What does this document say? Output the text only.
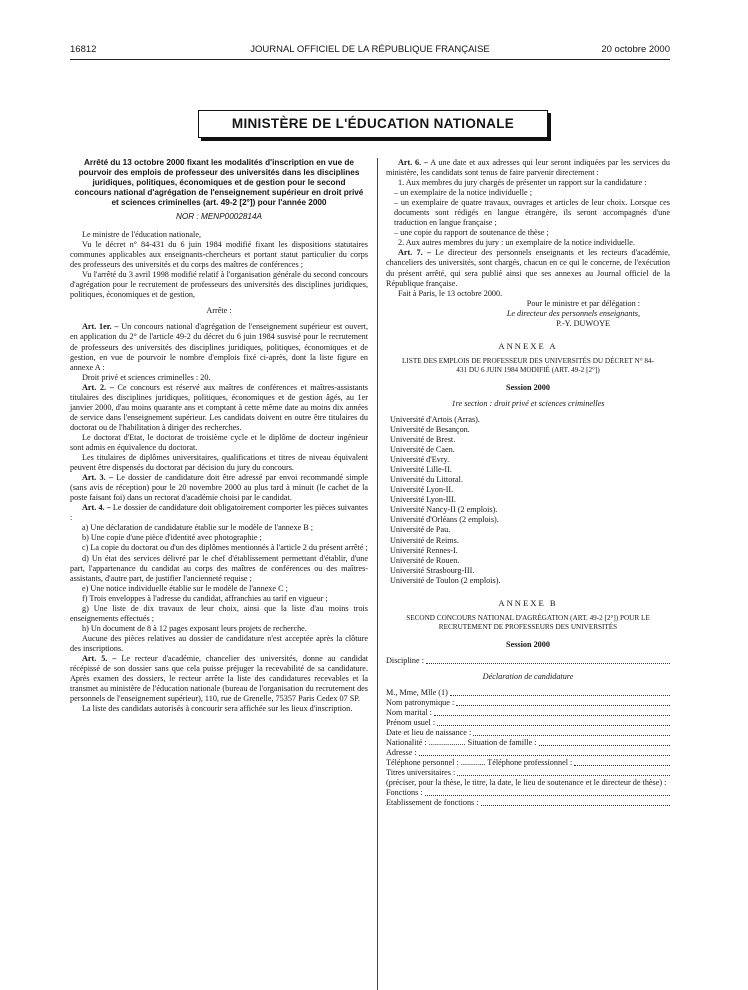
16812	JOURNAL OFFICIEL DE LA RÉPUBLIQUE FRANÇAISE	20 octobre 2000
MINISTÈRE DE L'ÉDUCATION NATIONALE

Arrêté du 13 octobre 2000 fixant les modalités d'inscription en vue de pourvoir des emplois de professeur des universités dans les disciplines juridiques, politiques, économiques et de gestion pour le second concours national d'agrégation de l'enseignement supérieur en droit privé et sciences criminelles (art. 49-2 [2°]) pour l'année 2000

NOR : MENP0002814A

Le ministre de l'éducation nationale,

Vu le décret n° 84-431 du 6 juin 1984 modifié fixant les dispositions statutaires communes applicables aux enseignants-chercheurs et portant statut particulier du corps des professeurs des universités et du corps des maîtres de conférences ;

Vu l'arrêté du 3 avril 1998 modifié relatif à l'organisation générale du second concours d'agrégation pour le recrutement de professeurs des universités des disciplines juridiques, politiques, économiques et de gestion,

Arrête :

Art. 1er. – Un concours national d'agrégation de l'enseignement supérieur est ouvert, en application du 2° de l'article 49-2 du décret du 6 juin 1984 susvisé pour le recrutement de professeurs des universités des disciplines juridiques, politiques, économiques et de gestion, en vue de pourvoir le nombre d'emplois fixé ci-après, dont la liste figure en annexe A :

Droit privé et sciences criminelles : 20.

Art. 2. – Ce concours est réservé aux maîtres de conférences et maîtres-assistants titulaires des disciplines juridiques, politiques, économiques et de gestion âgés, au 1er janvier 2000, d'au moins quarante ans et comptant à cette même date au moins dix années de service dans l'enseignement supérieur. Les candidats doivent en outre être titulaires du doctorat ou de l'habilitation à diriger des recherches.

Le doctorat d'Etat, le doctorat de troisième cycle et le diplôme de docteur ingénieur sont admis en équivalence du doctorat.

Les titulaires de diplômes universitaires, qualifications et titres de niveau équivalent peuvent être dispensés du doctorat par décision du jury du concours.

Art. 3. – Le dossier de candidature doit être adressé par envoi recommandé simple (sans avis de réception) pour le 20 novembre 2000 au plus tard à minuit (le cachet de la poste faisant foi) dans un rectorat d'académie choisi par le candidat.

Art. 4. – Le dossier de candidature doit obligatoirement comporter les pièces suivantes :

a) Une déclaration de candidature établie sur le modèle de l'annexe B ;

b) Une copie d'une pièce d'identité avec photographie ;

c) La copie du doctorat ou d'un des diplômes mentionnés à l'article 2 du présent arrêté ;

d) Un état des services délivré par le chef d'établissement permettant d'établir, d'une part, l'appartenance du candidat au corps des maîtres de conférences ou des maîtres-assistants, d'autre part, de justifier l'ancienneté requise ;

e) Une notice individuelle établie sur le modèle de l'annexe C ;

f) Trois enveloppes à l'adresse du candidat, affranchies au tarif en vigueur ;

g) Une liste de dix travaux de leur choix, ainsi que la liste d'au moins trois enseignements effectués ;

h) Un document de 8 à 12 pages exposant leurs projets de recherche.

Aucune des pièces relatives au dossier de candidature n'est acceptée après la clôture des inscriptions.

Art. 5. – Le recteur d'académie, chancelier des universités, donne au candidat récépissé de son dossier sans que cela puisse préjuger la recevabilité de sa candidature. Après examen des dossiers, le recteur arrête la liste des candidatures recevables et la transmet au ministère de l'éducation nationale (bureau de l'organisation du recrutement des personnels de l'enseignement supérieur), 110, rue de Grenelle, 75357 Paris Cedex 07 SP.

La liste des candidats autorisés à concourir sera affichée sur les lieux d'inscription.

Art. 6. – A une date et aux adresses qui leur seront indiquées par les services du ministère, les candidats sont tenus de faire parvenir directement :

1. Aux membres du jury chargés de présenter un rapport sur la candidature :

– un exemplaire de la notice individuelle ;
– un exemplaire de quatre travaux, ouvrages et articles de leur choix. Lorsque ces documents sont rédigés en langue étrangère, ils seront accompagnés d'une traduction en langue française ;
– une copie du rapport de soutenance de thèse ;

2. Aux autres membres du jury : un exemplaire de la notice individuelle.

Art. 7. – Le directeur des personnels enseignants et les recteurs d'académie, chanceliers des universités, sont chargés, chacun en ce qui le concerne, de l'exécution du présent arrêté, qui sera publié ainsi que ses annexes au Journal officiel de la République française.

Fait à Paris, le 13 octobre 2000.

Pour le ministre et par délégation :

Le directeur des personnels enseignants,

P.-Y. DUWOYE

ANNEXE A

LISTE DES EMPLOIS DE PROFESSEUR DES UNIVERSITÉS DU DÉCRET N° 84-431 DU 6 JUIN 1984 MODIFIÉ (ART. 49-2 [2°])

Session 2000

1re section : droit privé et sciences criminelles

Université d'Artois (Arras).
Université de Besançon.
Université de Brest.
Université de Caen.
Université d'Evry.
Université Lille-II.
Université du Littoral.
Université Lyon-II.
Université Lyon-III.
Université Nancy-II (2 emplois).
Université d'Orléans (2 emplois).
Université de Pau.
Université de Reims.
Université Rennes-I.
Université de Rouen.
Université Strasbourg-III.
Université de Toulon (2 emplois).

ANNEXE B

SECOND CONCOURS NATIONAL D'AGRÉGATION (ART. 49-2 [2°]) POUR LE RECRUTEMENT DE PROFESSEURS DES UNIVERSITÉS

Session 2000

Discipline :

Déclaration de candidature

M., Mme, Mlle (1)
Nom patronymique :
Nom marital :
Prénom usuel :
Date et lieu de naissance :
Nationalité : .................. Situation de famille :
Adresse :
Téléphone personnel : ............ Téléphone professionnel :
Titres universitaires :

(préciser, pour la thèse, le titre, la date, le lieu de soutenance et le directeur de thèse) :

Fonctions :
Etablissement de fonctions :
